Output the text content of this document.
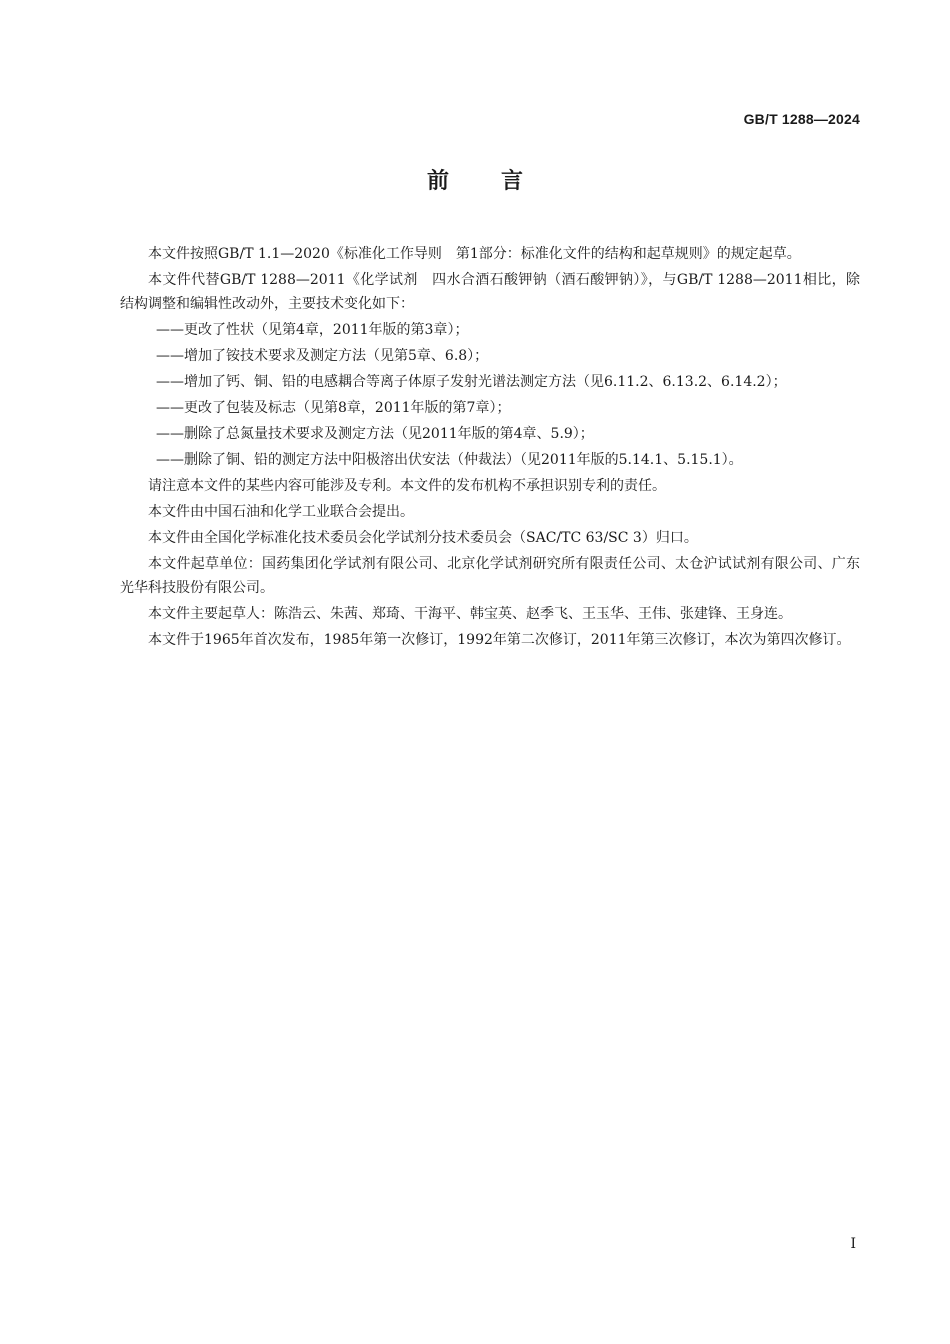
GB/T 1288—2024
前言

本文件按照GB/T 1.1—2020《标准化工作导则　第1部分：标准化文件的结构和起草规则》的规定起草。

本文件代替GB/T 1288—2011《化学试剂　四水合酒石酸钾钠（酒石酸钾钠）》，与GB/T 1288—2011相比，除结构调整和编辑性改动外，主要技术变化如下：

——更改了性状（见第4章，2011年版的第3章）；

——增加了铵技术要求及测定方法（见第5章、6.8）；

——增加了钙、铜、铅的电感耦合等离子体原子发射光谱法测定方法（见6.11.2、6.13.2、6.14.2）；

——更改了包装及标志（见第8章，2011年版的第7章）；

——删除了总氮量技术要求及测定方法（见2011年版的第4章、5.9）；

——删除了铜、铅的测定方法中阳极溶出伏安法（仲裁法）（见2011年版的5.14.1、5.15.1）。

请注意本文件的某些内容可能涉及专利。本文件的发布机构不承担识别专利的责任。

本文件由中国石油和化学工业联合会提出。

本文件由全国化学标准化技术委员会化学试剂分技术委员会（SAC/TC 63/SC 3）归口。

本文件起草单位：国药集团化学试剂有限公司、北京化学试剂研究所有限责任公司、太仓沪试试剂有限公司、广东光华科技股份有限公司。

本文件主要起草人：陈浩云、朱茜、郑琦、干海平、韩宝英、赵季飞、王玉华、王伟、张建锋、王身连。

本文件于1965年首次发布，1985年第一次修订，1992年第二次修订，2011年第三次修订，本次为第四次修订。

I
